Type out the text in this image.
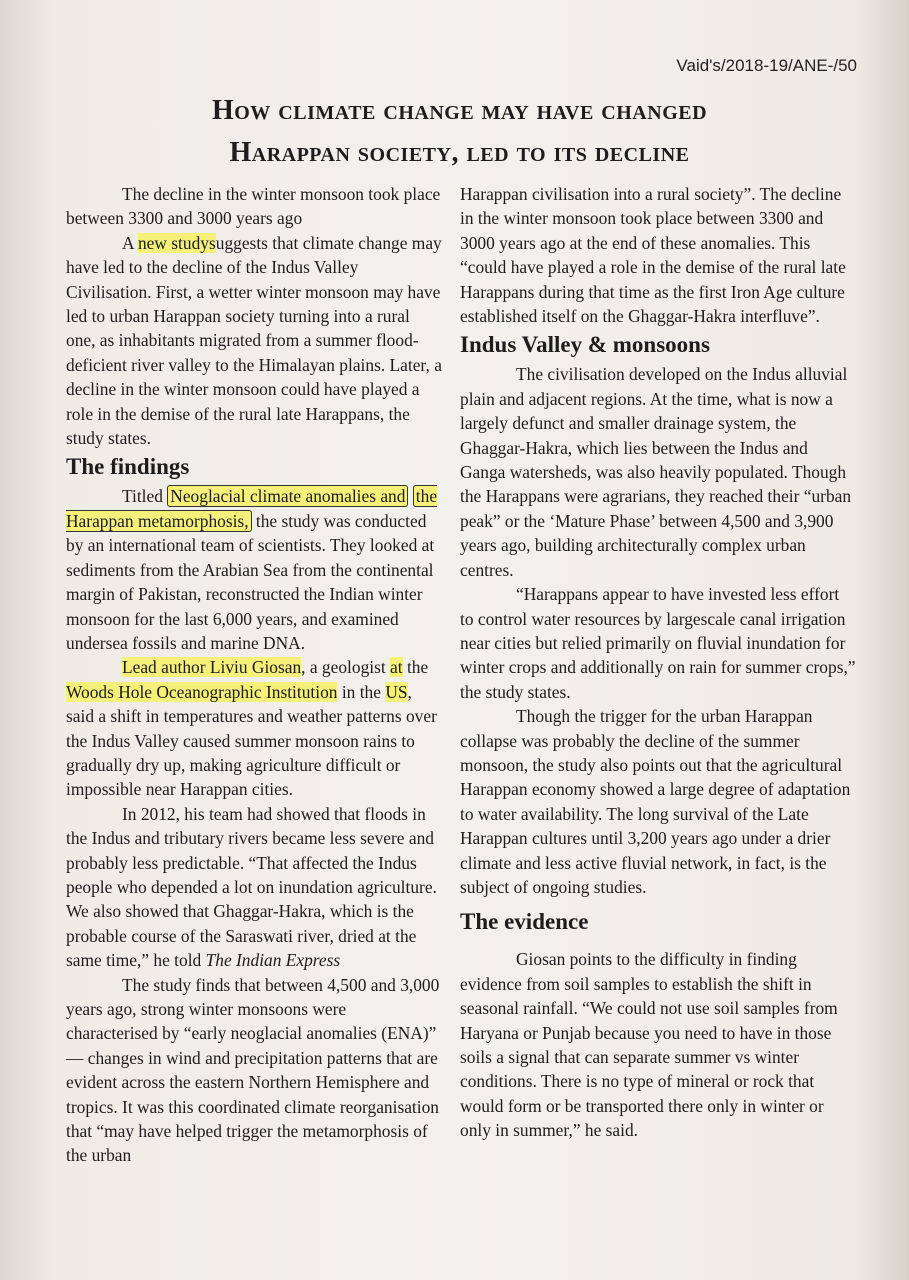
Vaid's/2018-19/ANE-/50
How climate change may have changed
Harappan society, led to its decline

The decline in the winter monsoon took place between 3300 and 3000 years ago

A new studysuggests that climate change may have led to the decline of the Indus Valley Civilisation. First, a wetter winter monsoon may have led to urban Harappan society turning into a rural one, as inhabitants migrated from a summer flood-deficient river valley to the Himalayan plains. Later, a decline in the winter monsoon could have played a role in the demise of the rural late Harappans, the study states.

The findings

Titled Neoglacial climate anomalies and the Harappan metamorphosis, the study was conducted by an international team of scientists. They looked at sediments from the Arabian Sea from the continental margin of Pakistan, reconstructed the Indian winter monsoon for the last 6,000 years, and examined undersea fossils and marine DNA.

Lead author Liviu Giosan, a geologist at the Woods Hole Oceanographic Institution in the US, said a shift in temperatures and weather patterns over the Indus Valley caused summer monsoon rains to gradually dry up, making agriculture difficult or impossible near Harappan cities.

In 2012, his team had showed that floods in the Indus and tributary rivers became less severe and probably less predictable. “That affected the Indus people who depended a lot on inundation agriculture. We also showed that Ghaggar-Hakra, which is the probable course of the Saraswati river, dried at the same time,” he told The Indian Express

The study finds that between 4,500 and 3,000 years ago, strong winter monsoons were characterised by “early neoglacial anomalies (ENA)” — changes in wind and precipitation patterns that are evident across the eastern Northern Hemisphere and tropics. It was this coordinated climate reorganisation that “may have helped trigger the metamorphosis of the urban

Harappan civilisation into a rural society”. The decline in the winter monsoon took place between 3300 and 3000 years ago at the end of these anomalies. This “could have played a role in the demise of the rural late Harappans during that time as the first Iron Age culture established itself on the Ghaggar-Hakra interfluve”.

Indus Valley & monsoons

The civilisation developed on the Indus alluvial plain and adjacent regions. At the time, what is now a largely defunct and smaller drainage system, the Ghaggar-Hakra, which lies between the Indus and Ganga watersheds, was also heavily populated. Though the Harappans were agrarians, they reached their “urban peak” or the ‘Mature Phase’ between 4,500 and 3,900 years ago, building architecturally complex urban centres.

“Harappans appear to have invested less effort to control water resources by largescale canal irrigation near cities but relied primarily on fluvial inundation for winter crops and additionally on rain for summer crops,” the study states.

Though the trigger for the urban Harappan collapse was probably the decline of the summer monsoon, the study also points out that the agricultural Harappan economy showed a large degree of adaptation to water availability. The long survival of the Late Harappan cultures until 3,200 years ago under a drier climate and less active fluvial network, in fact, is the subject of ongoing studies.

The evidence

Giosan points to the difficulty in finding evidence from soil samples to establish the shift in seasonal rainfall. “We could not use soil samples from Haryana or Punjab because you need to have in those soils a signal that can separate summer vs winter conditions. There is no type of mineral or rock that would form or be transported there only in winter or only in summer,” he said.
